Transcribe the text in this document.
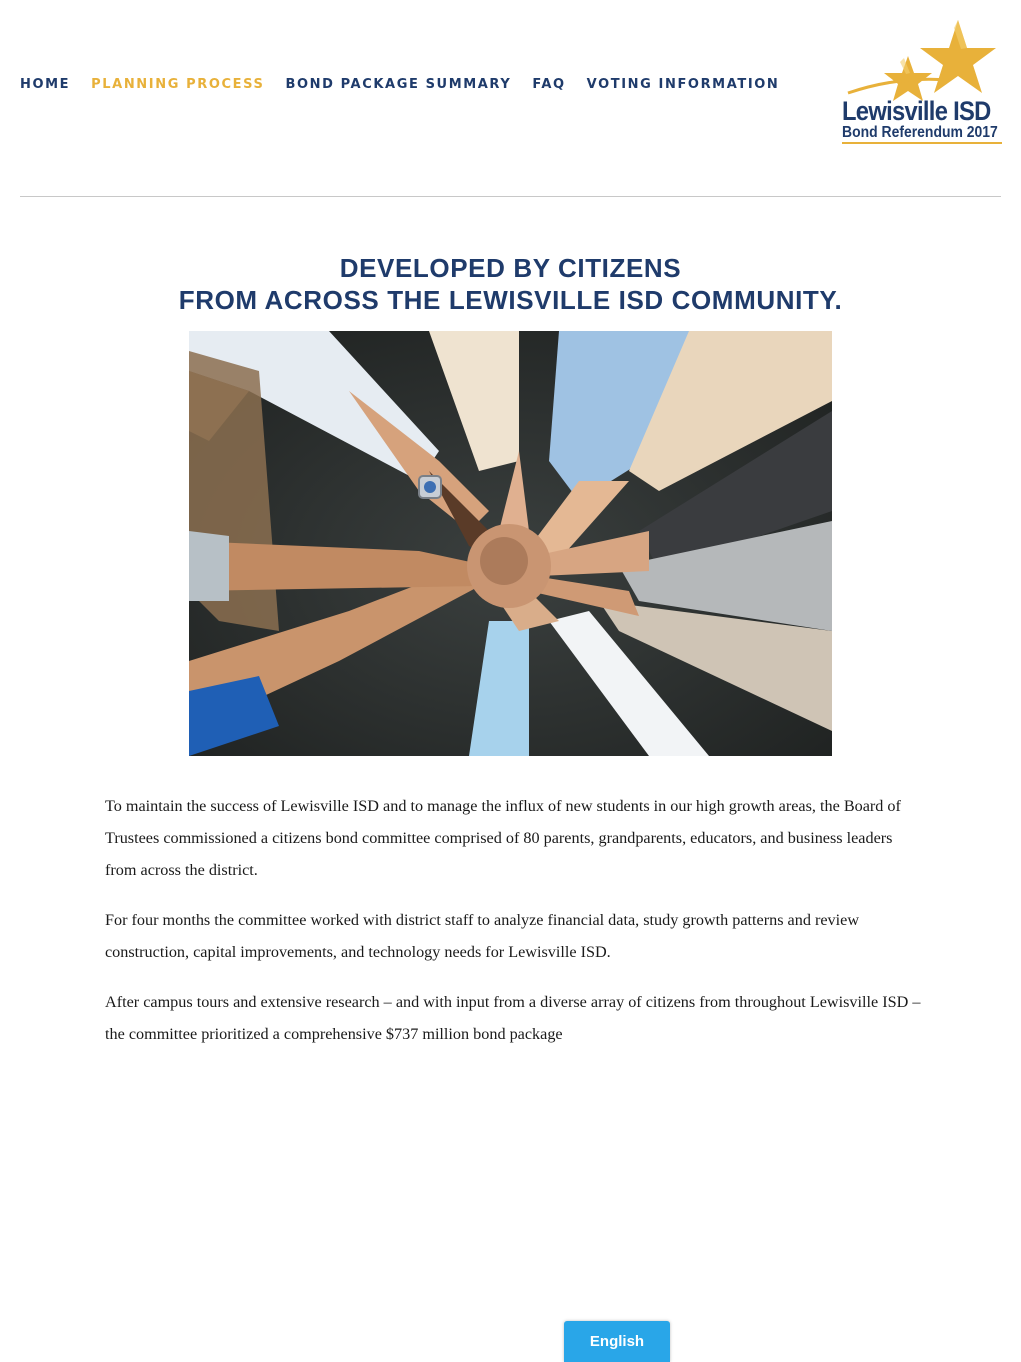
HOME PLANNING PROCESS BOND PACKAGE SUMMARY FAQ VOTING INFORMATION
Lewisville ISD
Bond Referendum 2017
DEVELOPED BY CITIZENS
FROM ACROSS THE LEWISVILLE ISD COMMUNITY.

To maintain the success of Lewisville ISD and to manage the influx of new students in our high growth areas, the Board of Trustees commissioned a citizens bond committee comprised of 80 parents, grandparents, educators, and business leaders from across the district.

For four months the committee worked with district staff to analyze financial data, study growth patterns and review construction, capital improvements, and technology needs for Lewisville ISD.

After campus tours and extensive research – and with input from a diverse array of citizens from throughout Lewisville ISD – the committee prioritized a comprehensive $737 million bond package

English
